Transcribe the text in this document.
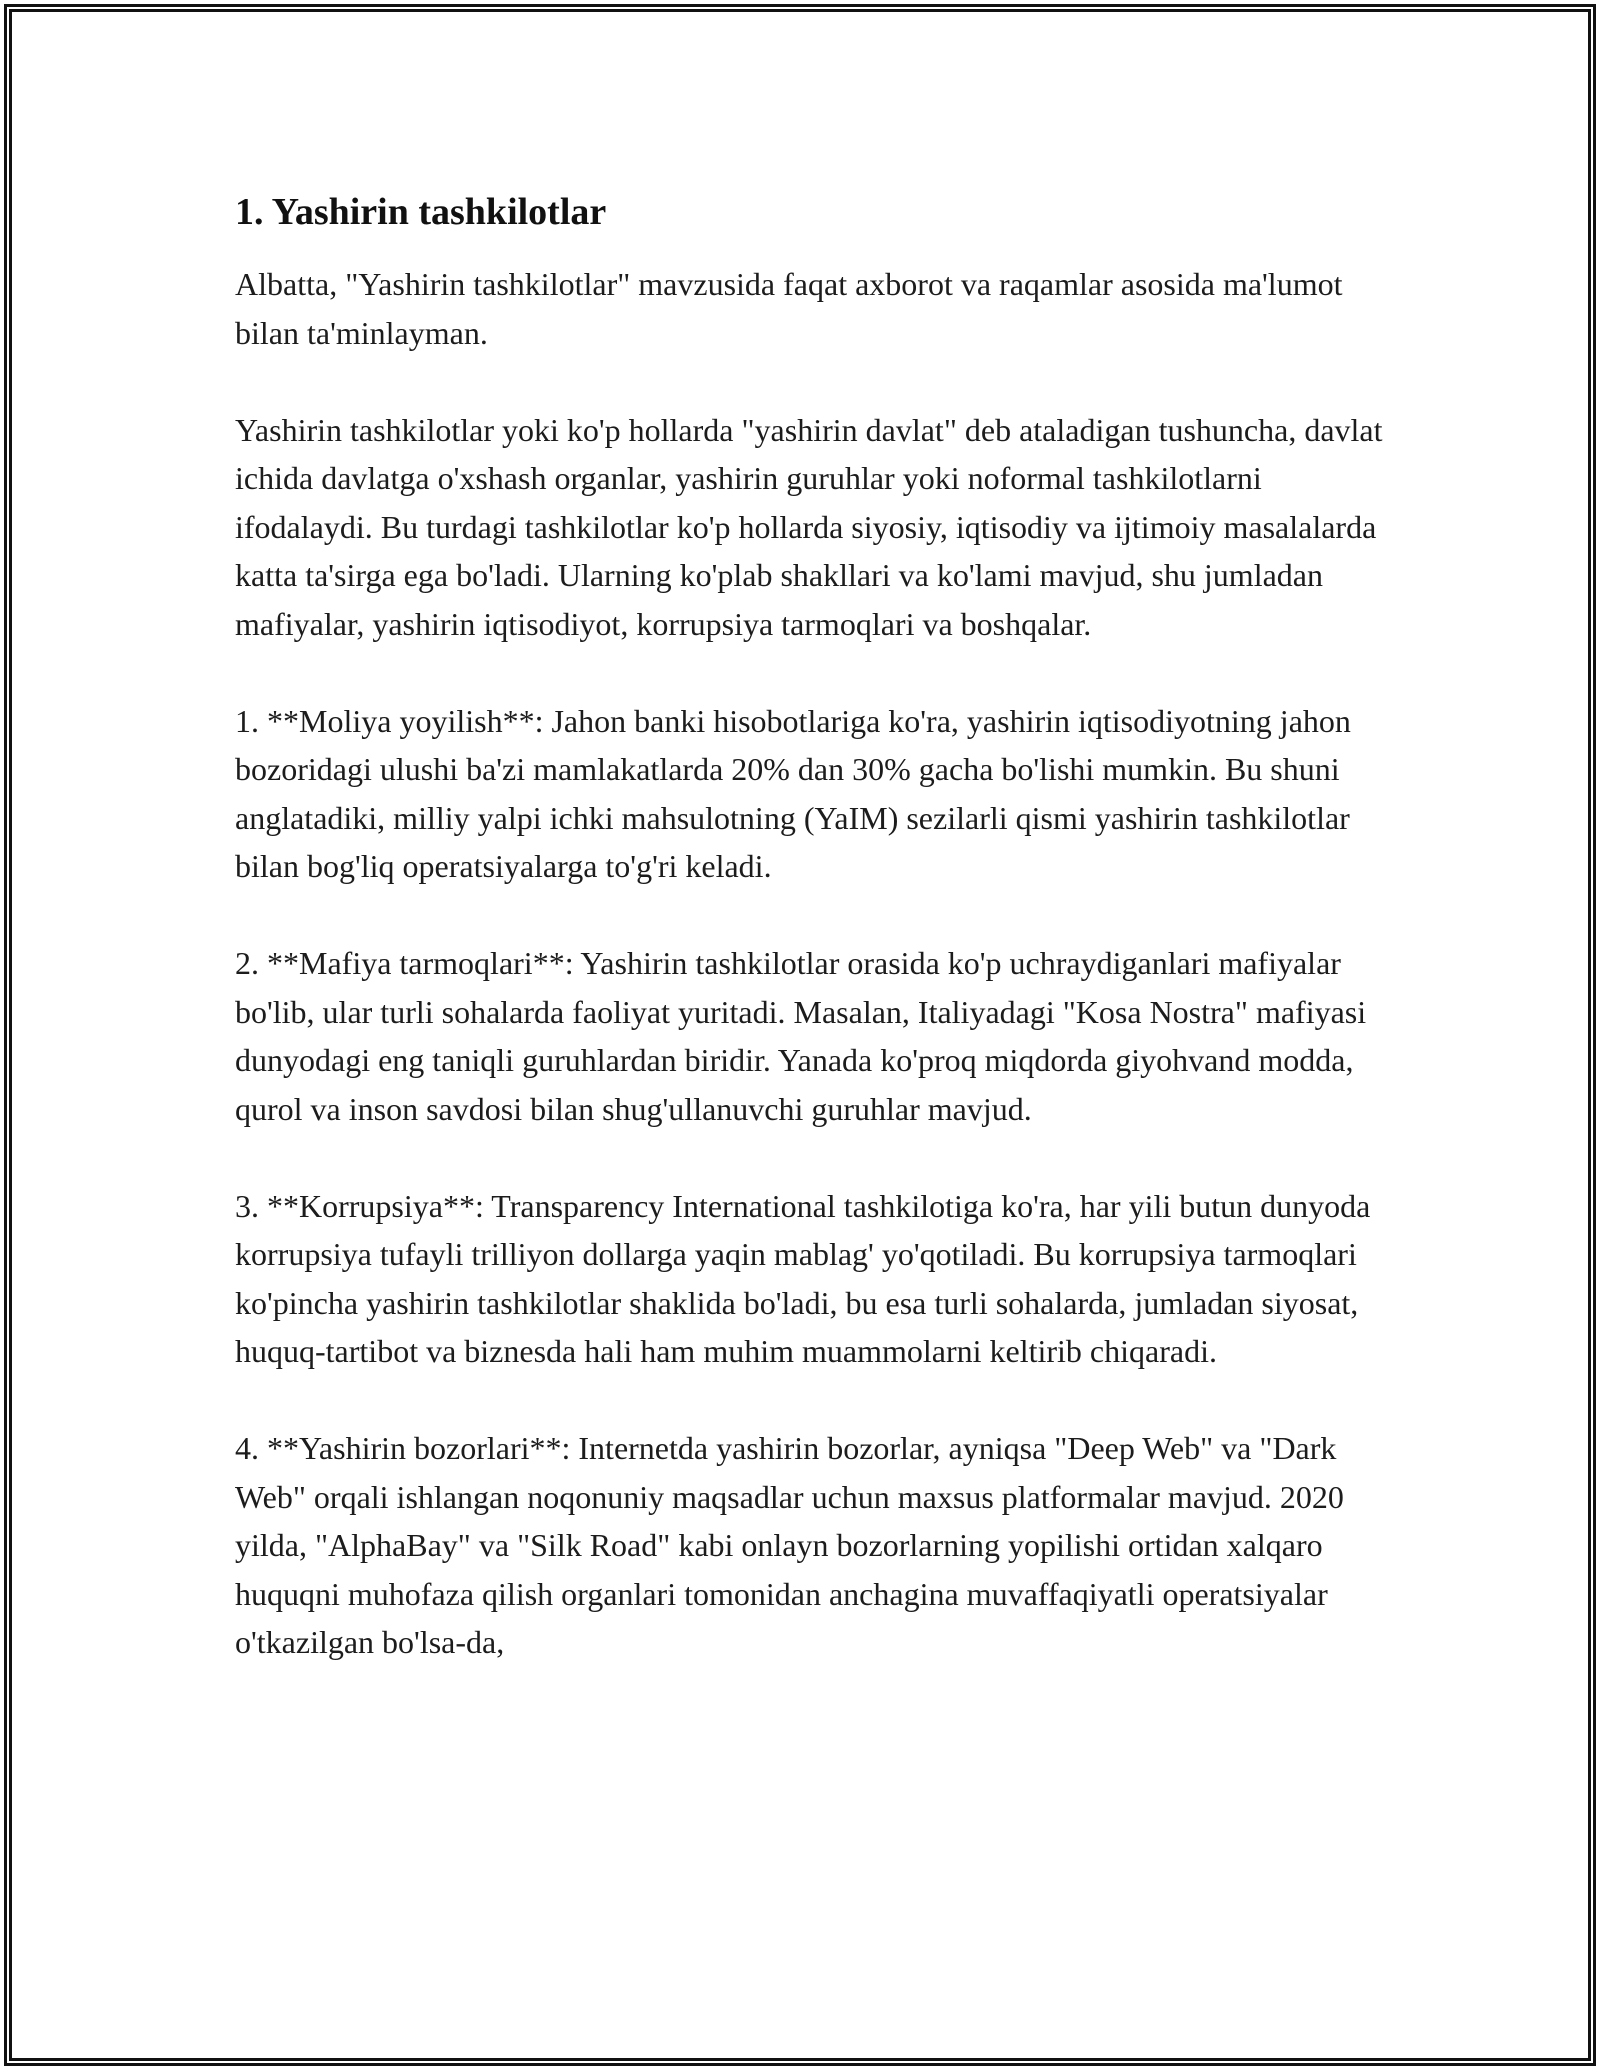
1. Yashirin tashkilotlar

Albatta, "Yashirin tashkilotlar" mavzusida faqat axborot va raqamlar asosida ma'lumot bilan ta'minlayman.

Yashirin tashkilotlar yoki ko'p hollarda "yashirin davlat" deb ataladigan tushuncha, davlat ichida davlatga o'xshash organlar, yashirin guruhlar yoki noformal tashkilotlarni ifodalaydi. Bu turdagi tashkilotlar ko'p hollarda siyosiy, iqtisodiy va ijtimoiy masalalarda katta ta'sirga ega bo'ladi. Ularning ko'plab shakllari va ko'lami mavjud, shu jumladan mafiyalar, yashirin iqtisodiyot, korrupsiya tarmoqlari va boshqalar.

1. **Moliya yoyilish**: Jahon banki hisobotlariga ko'ra, yashirin iqtisodiyotning jahon bozoridagi ulushi ba'zi mamlakatlarda 20% dan 30% gacha bo'lishi mumkin. Bu shuni anglatadiki, milliy yalpi ichki mahsulotning (YaIM) sezilarli qismi yashirin tashkilotlar bilan bog'liq operatsiyalarga to'g'ri keladi.

2. **Mafiya tarmoqlari**: Yashirin tashkilotlar orasida ko'p uchraydiganlari mafiyalar bo'lib, ular turli sohalarda faoliyat yuritadi. Masalan, Italiyadagi "Kosa Nostra" mafiyasi dunyodagi eng taniqli guruhlardan biridir. Yanada ko'proq miqdorda giyohvand modda, qurol va inson savdosi bilan shug'ullanuvchi guruhlar mavjud.

3. **Korrupsiya**: Transparency International tashkilotiga ko'ra, har yili butun dunyoda korrupsiya tufayli trilliyon dollarga yaqin mablag' yo'qotiladi. Bu korrupsiya tarmoqlari ko'pincha yashirin tashkilotlar shaklida bo'ladi, bu esa turli sohalarda, jumladan siyosat, huquq-tartibot va biznesda hali ham muhim muammolarni keltirib chiqaradi.

4. **Yashirin bozorlari**: Internetda yashirin bozorlar, ayniqsa "Deep Web" va "Dark Web" orqali ishlangan noqonuniy maqsadlar uchun maxsus platformalar mavjud. 2020 yilda, "AlphaBay" va "Silk Road" kabi onlayn bozorlarning yopilishi ortidan xalqaro huquqni muhofaza qilish organlari tomonidan anchagina muvaffaqiyatli operatsiyalar o'tkazilgan bo'lsa-da,
